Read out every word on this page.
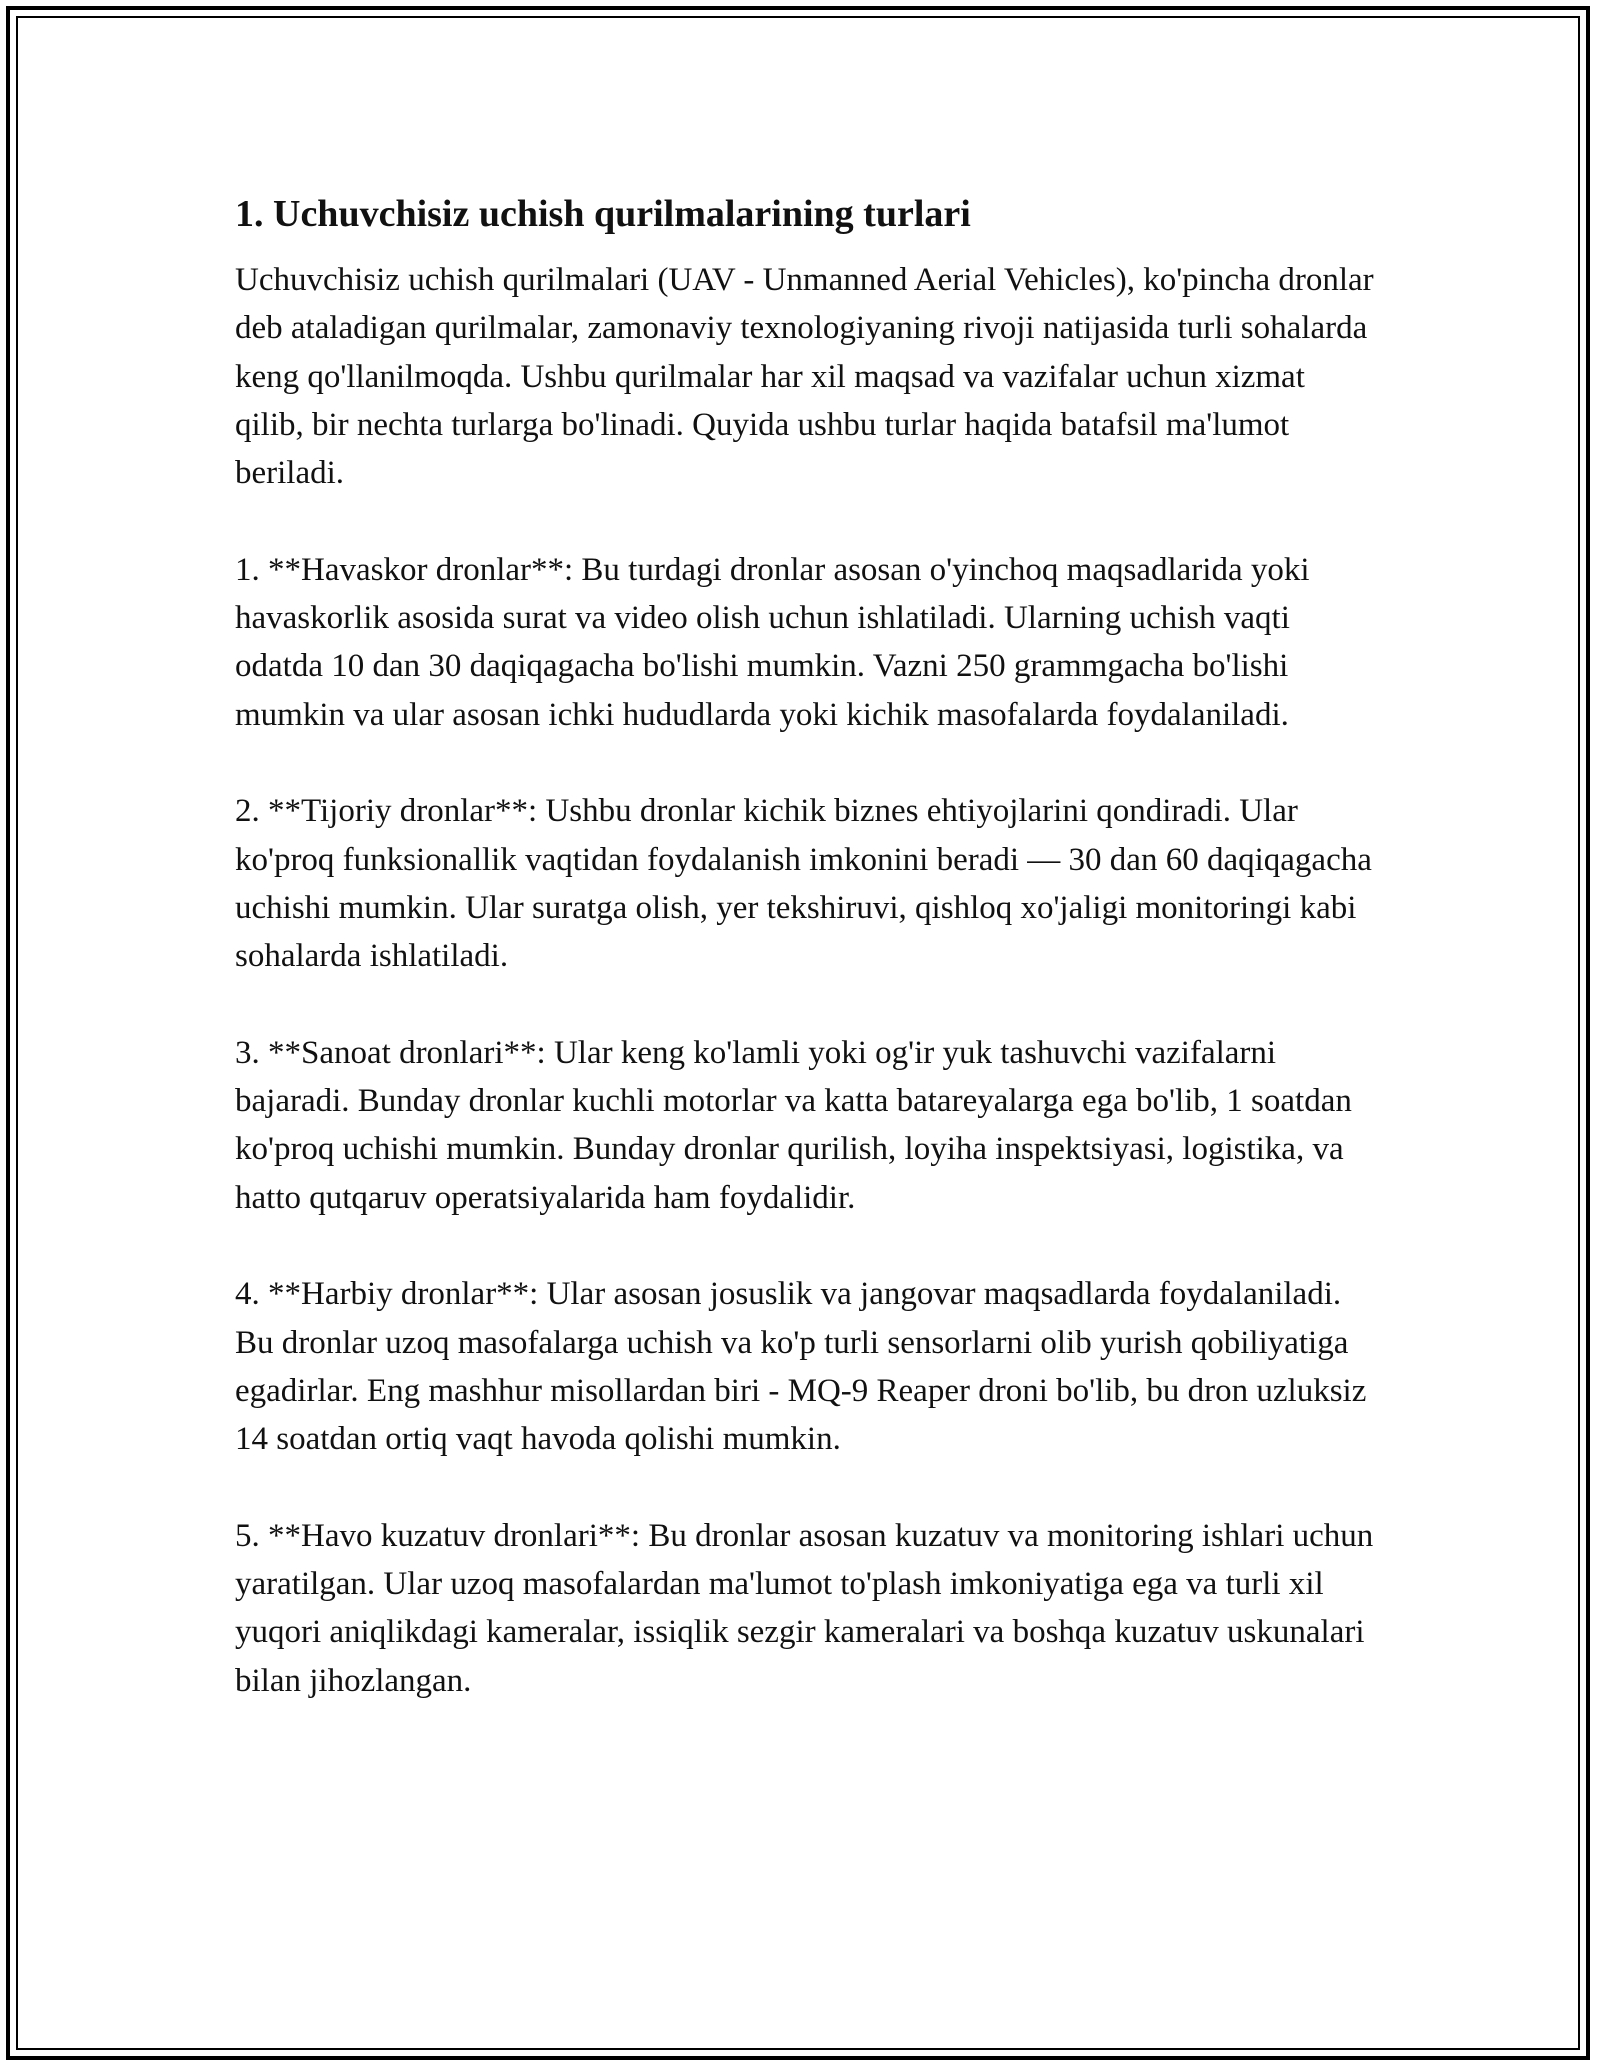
1. Uchuvchisiz uchish qurilmalarining turlari

Uchuvchisiz uchish qurilmalari (UAV - Unmanned Aerial Vehicles), ko'pincha dronlar deb ataladigan qurilmalar, zamonaviy texnologiyaning rivoji natijasida turli sohalarda keng qo'llanilmoqda. Ushbu qurilmalar har xil maqsad va vazifalar uchun xizmat qilib, bir nechta turlarga bo'linadi. Quyida ushbu turlar haqida batafsil ma'lumot beriladi.

1. **Havaskor dronlar**: Bu turdagi dronlar asosan o'yinchoq maqsadlarida yoki havaskorlik asosida surat va video olish uchun ishlatiladi. Ularning uchish vaqti odatda 10 dan 30 daqiqagacha bo'lishi mumkin. Vazni 250 grammgacha bo'lishi mumkin va ular asosan ichki hududlarda yoki kichik masofalarda foydalaniladi.

2. **Tijoriy dronlar**: Ushbu dronlar kichik biznes ehtiyojlarini qondiradi. Ular ko'proq funksionallik vaqtidan foydalanish imkonini beradi — 30 dan 60 daqiqagacha uchishi mumkin. Ular suratga olish, yer tekshiruvi, qishloq xo'jaligi monitoringi kabi sohalarda ishlatiladi.

3. **Sanoat dronlari**: Ular keng ko'lamli yoki og'ir yuk tashuvchi vazifalarni bajaradi. Bunday dronlar kuchli motorlar va katta batareyalarga ega bo'lib, 1 soatdan ko'proq uchishi mumkin. Bunday dronlar qurilish, loyiha inspektsiyasi, logistika, va hatto qutqaruv operatsiyalarida ham foydalidir.

4. **Harbiy dronlar**: Ular asosan josuslik va jangovar maqsadlarda foydalaniladi. Bu dronlar uzoq masofalarga uchish va ko'p turli sensorlarni olib yurish qobiliyatiga egadirlar. Eng mashhur misollardan biri - MQ-9 Reaper droni bo'lib, bu dron uzluksiz 14 soatdan ortiq vaqt havoda qolishi mumkin.

5. **Havo kuzatuv dronlari**: Bu dronlar asosan kuzatuv va monitoring ishlari uchun yaratilgan. Ular uzoq masofalardan ma'lumot to'plash imkoniyatiga ega va turli xil yuqori aniqlikdagi kameralar, issiqlik sezgir kameralari va boshqa kuzatuv uskunalari bilan jihozlangan.
